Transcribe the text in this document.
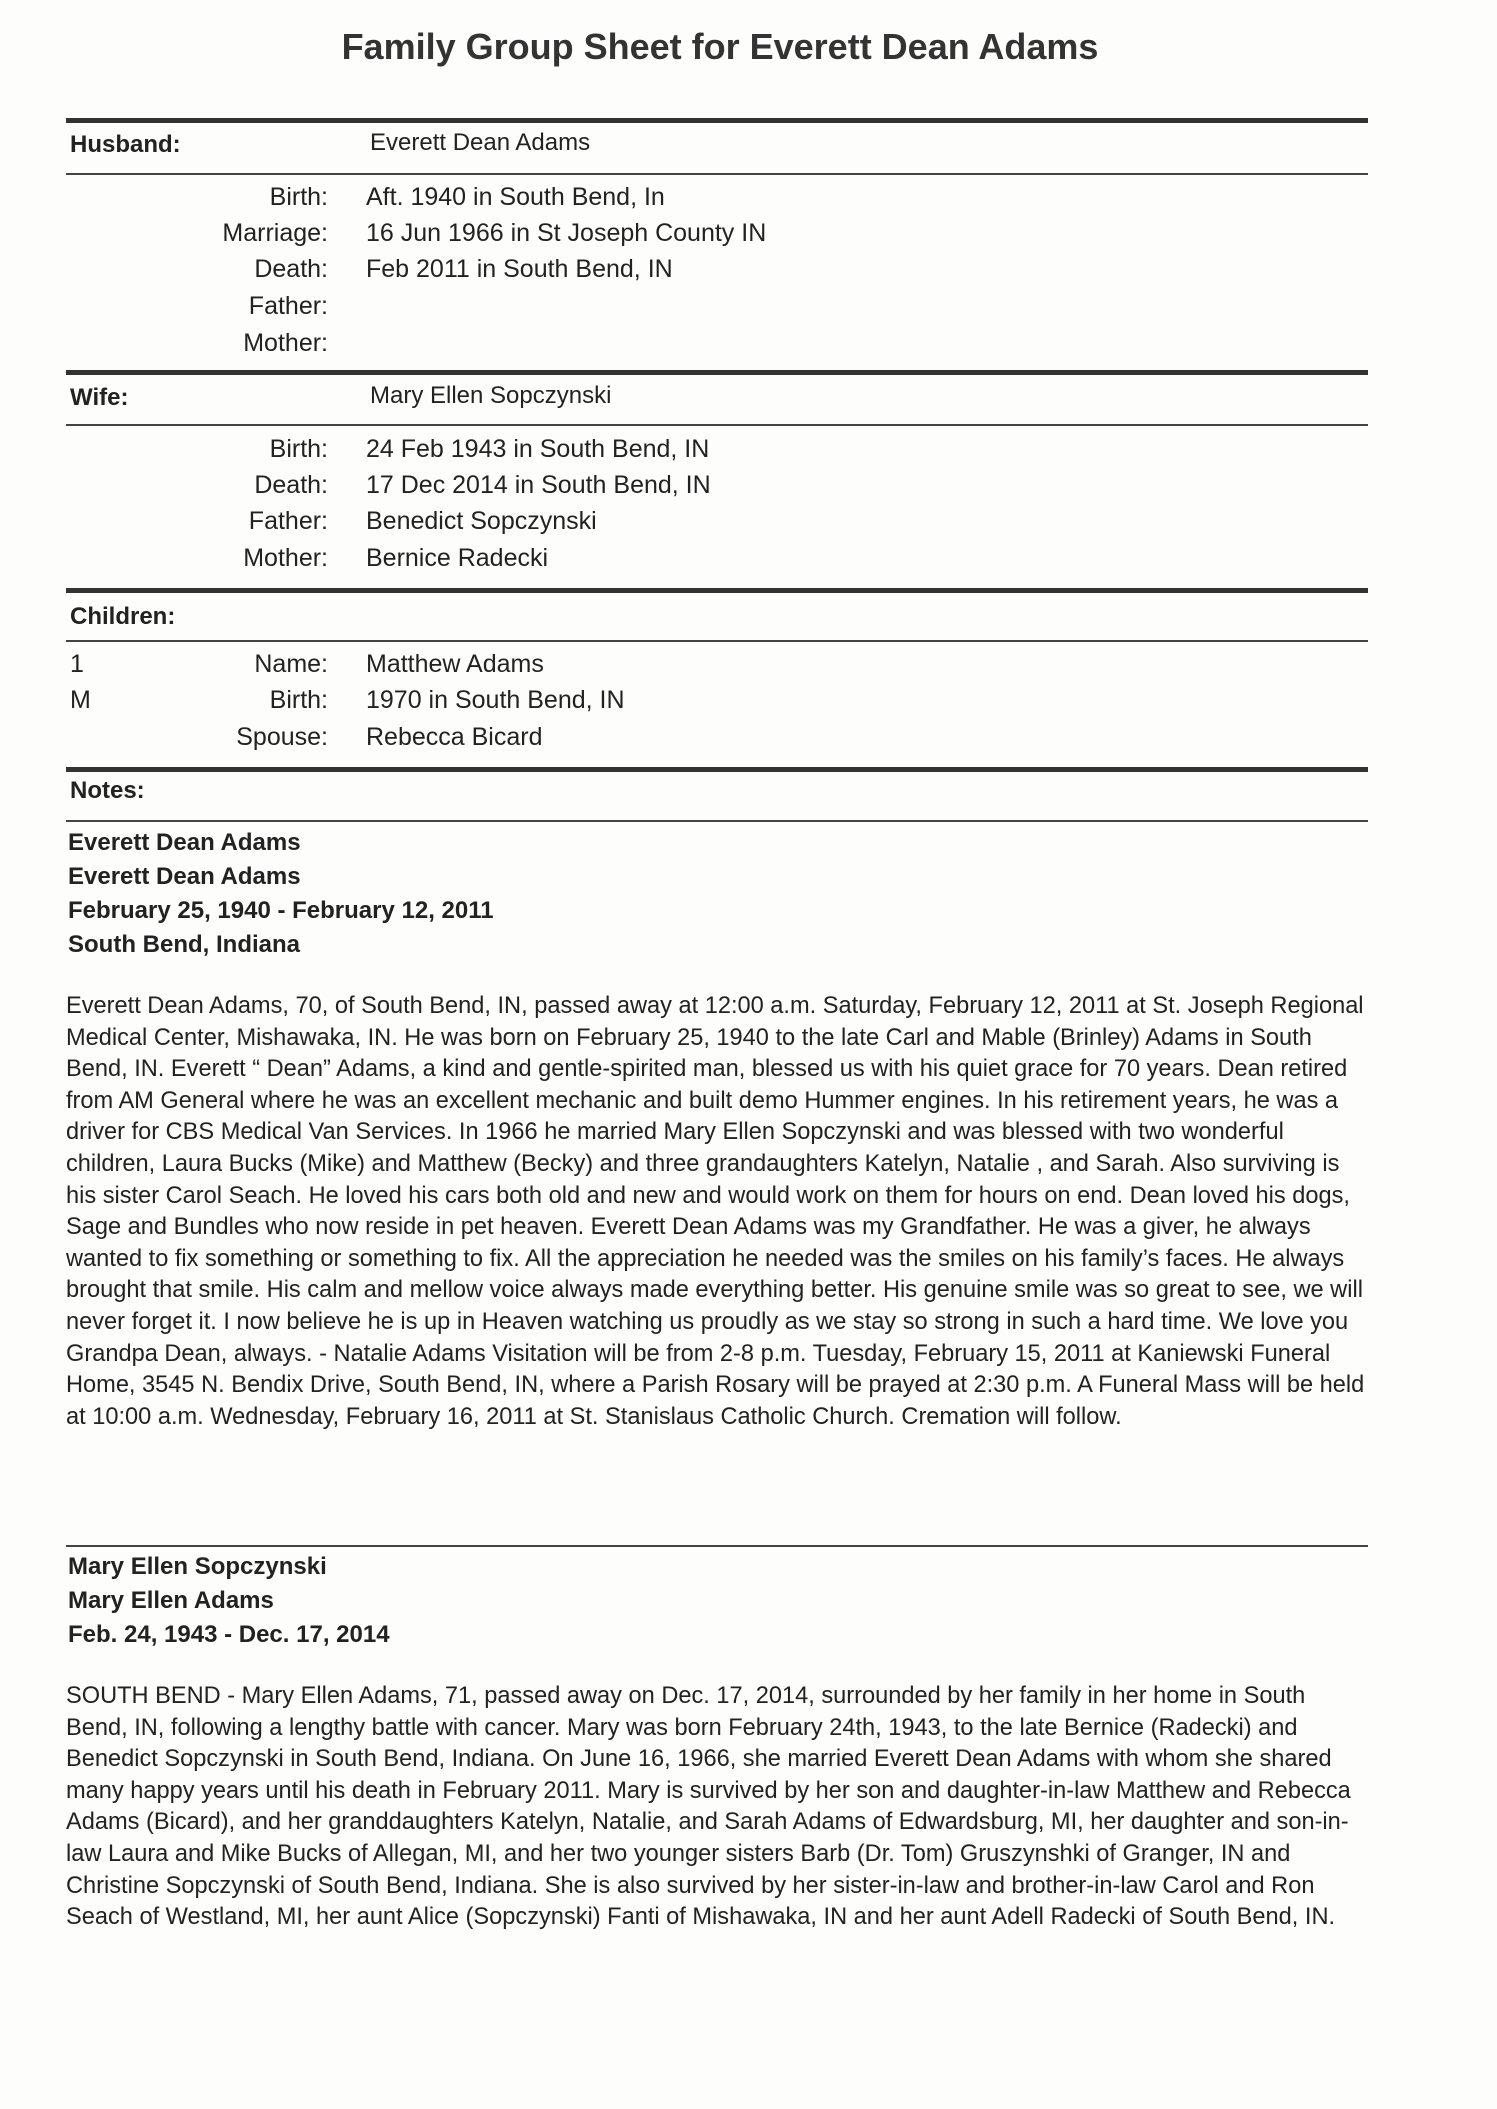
Family Group Sheet for Everett Dean Adams
Husband:	Everett Dean Adams
Birth: Aft. 1940 in South Bend, In
Marriage: 16 Jun 1966 in St Joseph County IN
Death: Feb 2011 in South Bend, IN
Father:
Mother:
Wife:	Mary Ellen Sopczynski
Birth: 24 Feb 1943 in South Bend, IN
Death: 17 Dec 2014 in South Bend, IN
Father: Benedict Sopczynski
Mother: Bernice Radecki
Children:
1	Name: Matthew Adams
M	Birth: 1970 in South Bend, IN
Spouse: Rebecca Bicard
Notes:
Everett Dean Adams
Everett Dean Adams
February 25, 1940 - February 12, 2011
South Bend, Indiana
Everett Dean Adams, 70, of South Bend, IN, passed away at 12:00 a.m. Saturday, February 12, 2011 at St. Joseph Regional Medical Center, Mishawaka, IN. He was born on February 25, 1940 to the late Carl and Mable (Brinley) Adams in South Bend, IN. Everett “ Dean” Adams, a kind and gentle-spirited man, blessed us with his quiet grace for 70 years. Dean retired from AM General where he was an excellent mechanic and built demo Hummer engines. In his retirement years, he was a driver for CBS Medical Van Services. In 1966 he married Mary Ellen Sopczynski and was blessed with two wonderful children, Laura Bucks (Mike) and Matthew (Becky) and three grandaughters Katelyn, Natalie , and Sarah. Also surviving is his sister Carol Seach. He loved his cars both old and new and would work on them for hours on end. Dean loved his dogs, Sage and Bundles who now reside in pet heaven. Everett Dean Adams was my Grandfather. He was a giver, he always wanted to fix something or something to fix. All the appreciation he needed was the smiles on his family’s faces. He always brought that smile. His calm and mellow voice always made everything better. His genuine smile was so great to see, we will never forget it. I now believe he is up in Heaven watching us proudly as we stay so strong in such a hard time. We love you Grandpa Dean, always. - Natalie Adams Visitation will be from 2-8 p.m. Tuesday, February 15, 2011 at Kaniewski Funeral Home, 3545 N. Bendix Drive, South Bend, IN, where a Parish Rosary will be prayed at 2:30 p.m. A Funeral Mass will be held at 10:00 a.m. Wednesday, February 16, 2011 at St. Stanislaus Catholic Church. Cremation will follow.
Mary Ellen Sopczynski
Mary Ellen Adams
Feb. 24, 1943 - Dec. 17, 2014
SOUTH BEND - Mary Ellen Adams, 71, passed away on Dec. 17, 2014, surrounded by her family in her home in South Bend, IN, following a lengthy battle with cancer. Mary was born February 24th, 1943, to the late Bernice (Radecki) and Benedict Sopczynski in South Bend, Indiana. On June 16, 1966, she married Everett Dean Adams with whom she shared many happy years until his death in February 2011. Mary is survived by her son and daughter-in-law Matthew and Rebecca Adams (Bicard), and her granddaughters Katelyn, Natalie, and Sarah Adams of Edwardsburg, MI, her daughter and son-in-law Laura and Mike Bucks of Allegan, MI, and her two younger sisters Barb (Dr. Tom) Gruszynshki of Granger, IN and Christine Sopczynski of South Bend, Indiana. She is also survived by her sister-in-law and brother-in-law Carol and Ron Seach of Westland, MI, her aunt Alice (Sopczynski) Fanti of Mishawaka, IN and her aunt Adell Radecki of South Bend, IN.
